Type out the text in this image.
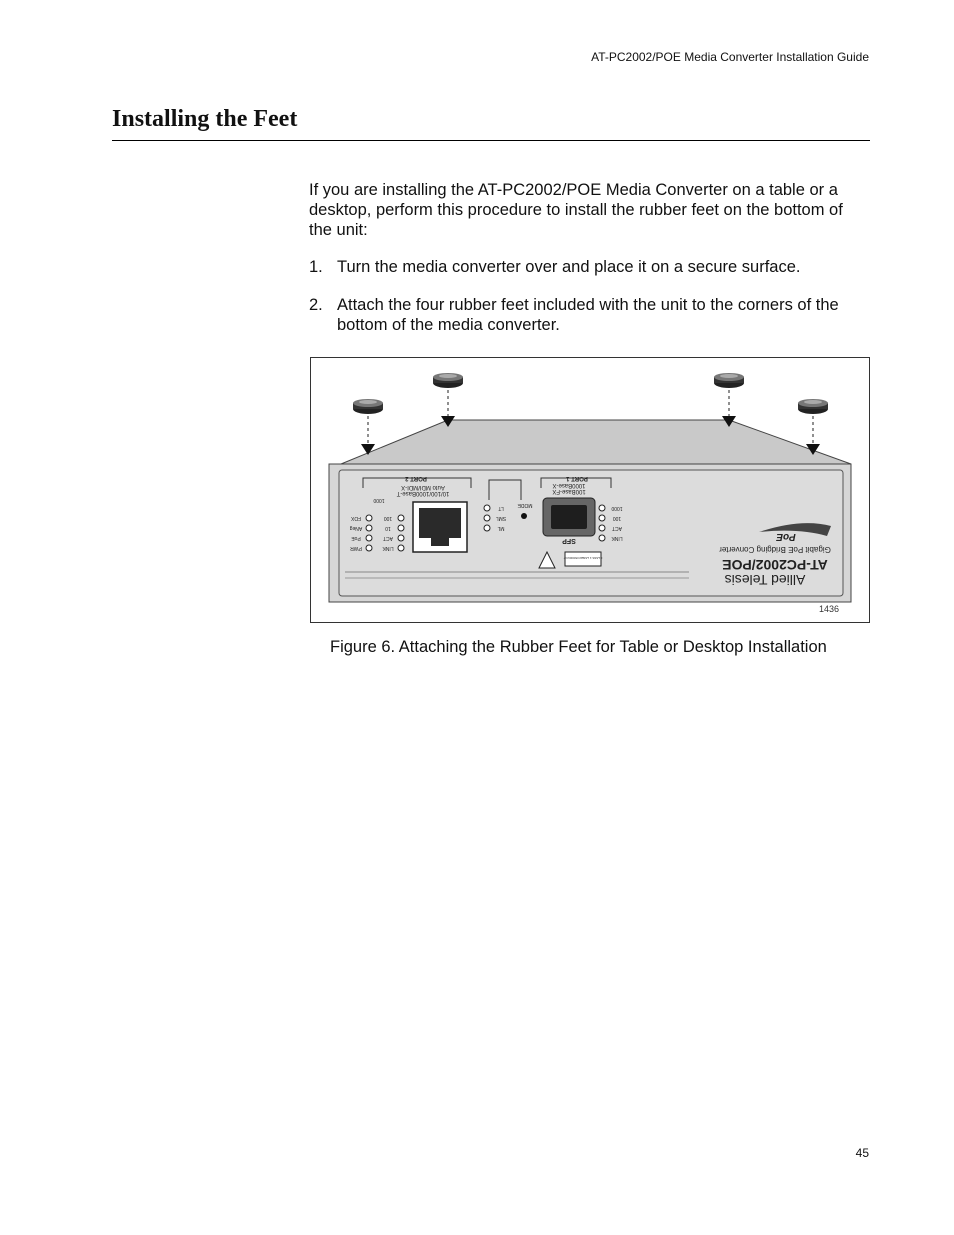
AT-PC2002/POE Media Converter Installation Guide
Installing the Feet

If you are installing the AT-PC2002/POE Media Converter on a table or a desktop, perform this procedure to install the rubber feet on the bottom of the unit:

1. Turn the media converter over and place it on a secure surface.
2. Attach the four rubber feet included with the unit to the corners of the bottom of the media converter.
PORT 1
PORT 2
100Base-FX
1000Base-X
10/100/1000Base-T
Auto MDI/MDI-X
SFP
MODE
CLASS 1 LASER PRODUCT
LT
SML
ML
1000
100
ACT
LINK
1000
100
10
ACT
LINK
FDX
ANeg
PoE
PWR
PoE
Gigabit PoE Bridging Converter
AT-PC2002/POE
Allied Telesis
1436
Figure 6. Attaching the Rubber Feet for Table or Desktop Installation
45
